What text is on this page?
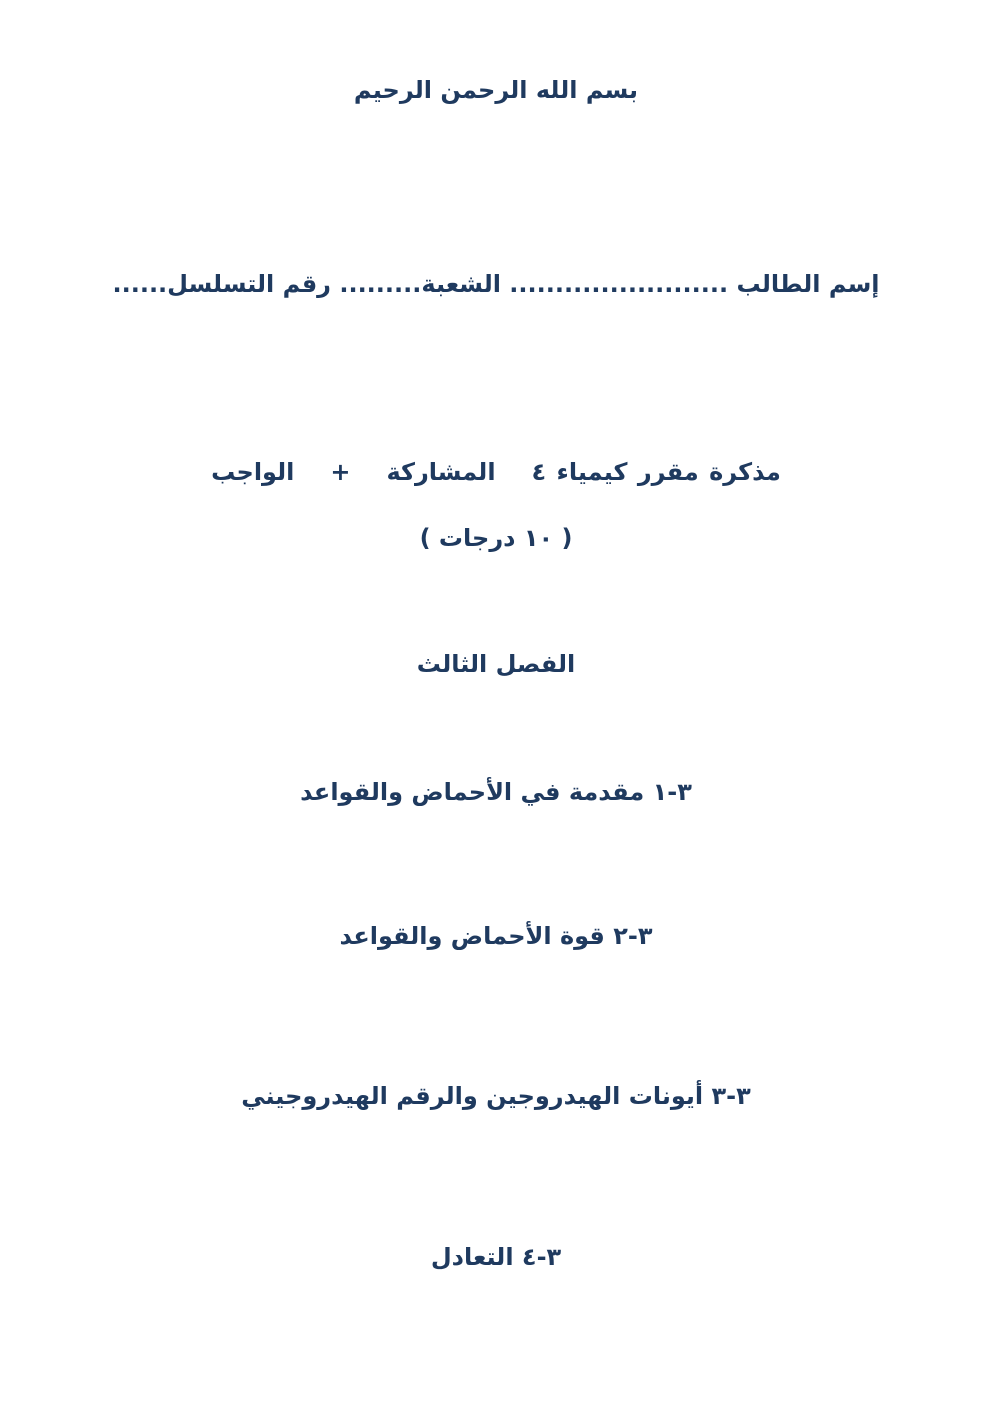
بسم الله الرحمن الرحيم
إسم الطالب ........................ الشعبة......... رقم التسلسل......
مذكرة مقرر كيمياء ٤المشاركة+الواجب
( ١٠ درجات )
الفصل الثالث
٣-١ مقدمة في الأحماض والقواعد
٣-٢ قوة الأحماض والقواعد
٣-٣ أيونات الهيدروجين والرقم الهيدروجيني
٣-٤ التعادل
